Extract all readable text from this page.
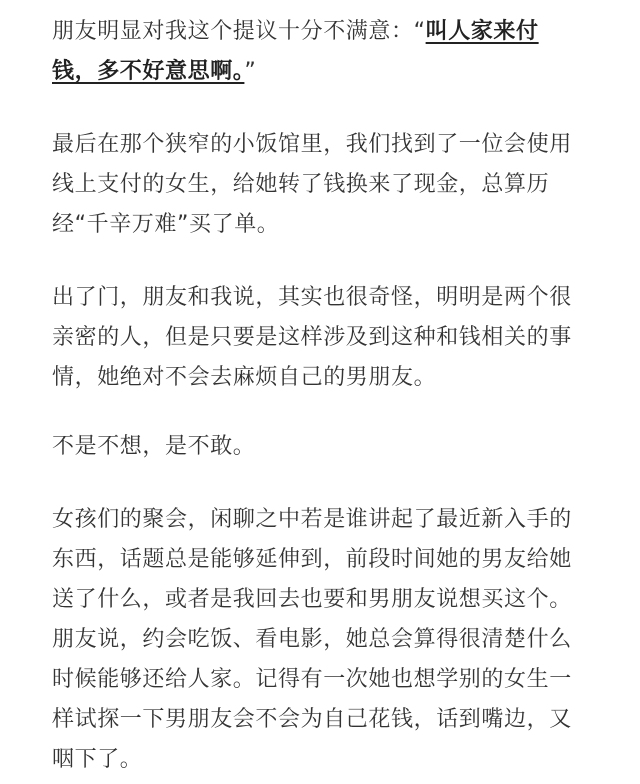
朋友明显对我这个提议十分不满意：“叫人家来付
钱，多不好意思啊。”
最后在那个狭窄的小饭馆里，我们找到了一位会使用
线上支付的女生，给她转了钱换来了现金，总算历
经“千辛万难”买了单。
出了门，朋友和我说，其实也很奇怪，明明是两个很
亲密的人，但是只要是这样涉及到这种和钱相关的事
情，她绝对不会去麻烦自己的男朋友。
不是不想，是不敢。
女孩们的聚会，闲聊之中若是谁讲起了最近新入手的
东西，话题总是能够延伸到，前段时间她的男友给她
送了什么，或者是我回去也要和男朋友说想买这个。
朋友说，约会吃饭、看电影，她总会算得很清楚什么
时候能够还给人家。记得有一次她也想学别的女生一
样试探一下男朋友会不会为自己花钱，话到嘴边，又
咽下了。
